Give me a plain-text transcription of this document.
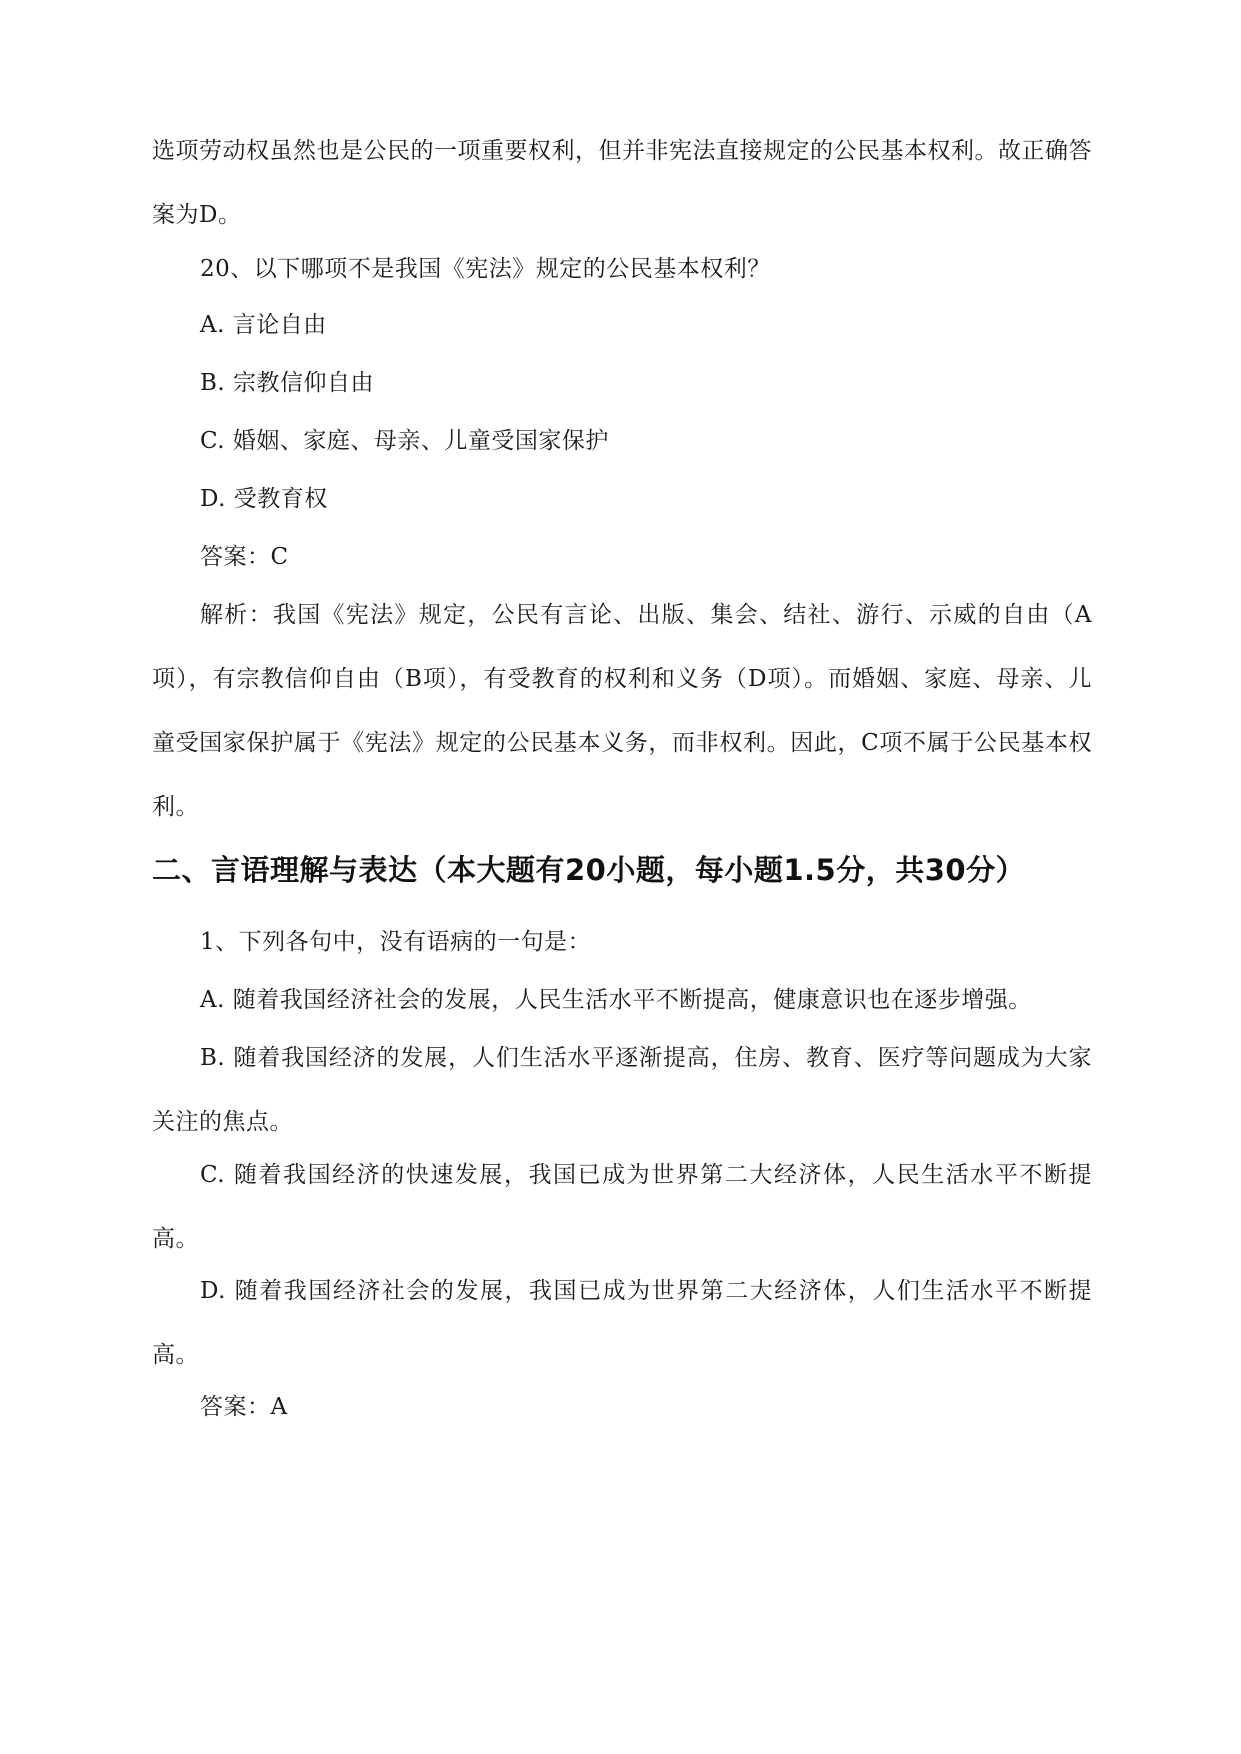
选项劳动权虽然也是公民的一项重要权利，但并非宪法直接规定的公民基本权利。故正确答案为D。

20、以下哪项不是我国《宪法》规定的公民基本权利？

A. 言论自由

B. 宗教信仰自由

C. 婚姻、家庭、母亲、儿童受国家保护

D. 受教育权

答案：C

解析：我国《宪法》规定，公民有言论、出版、集会、结社、游行、示威的自由（A项），有宗教信仰自由（B项），有受教育的权利和义务（D项）。而婚姻、家庭、母亲、儿童受国家保护属于《宪法》规定的公民基本义务，而非权利。因此，C项不属于公民基本权利。

二、言语理解与表达（本大题有20小题，每小题1.5分，共30分）

1、下列各句中，没有语病的一句是：

A. 随着我国经济社会的发展，人民生活水平不断提高，健康意识也在逐步增强。

B. 随着我国经济的发展，人们生活水平逐渐提高，住房、教育、医疗等问题成为大家关注的焦点。

C. 随着我国经济的快速发展，我国已成为世界第二大经济体，人民生活水平不断提高。

D. 随着我国经济社会的发展，我国已成为世界第二大经济体，人们生活水平不断提高。

答案：A
